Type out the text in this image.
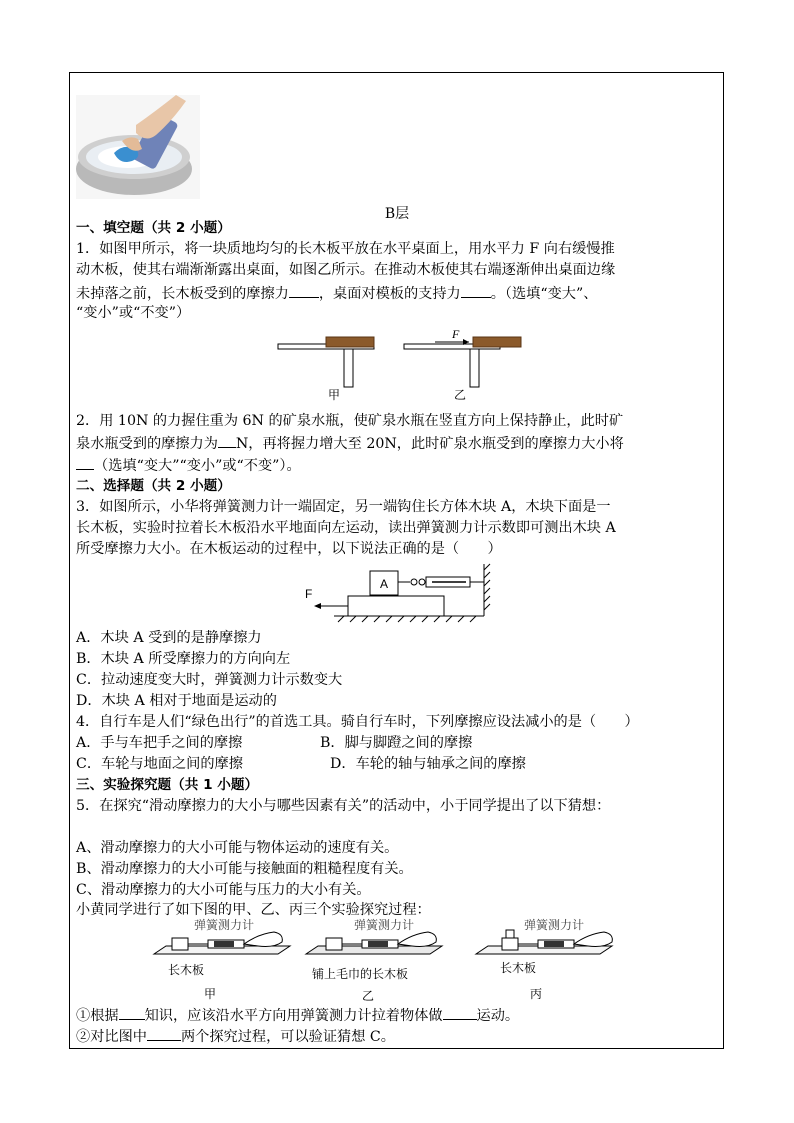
B层
一、填空题（共 2 小题）
1．如图甲所示，将一块质地均匀的长木板平放在水平桌面上，用水平力 F 向右缓慢推
动木板，使其右端渐渐露出桌面，如图乙所示。在推动木板使其右端逐渐伸出桌面边缘
未掉落之前，长木板受到的摩擦力 ，桌面对模板的支持力 。（选填“变大”、
“变小”或“不变”）
F
甲	乙
2．用 10N 的力握住重为 6N 的矿泉水瓶，使矿泉水瓶在竖直方向上保持静止，此时矿
泉水瓶受到的摩擦力为 N，再将握力增大至 20N，此时矿泉水瓶受到的摩擦力大小将
（选填“变大”“变小”或“不变”）。
二、选择题（共 2 小题）
3．如图所示，小华将弹簧测力计一端固定，另一端钩住长方体木块 A，木块下面是一
长木板，实验时拉着长木板沿水平地面向左运动，读出弹簧测力计示数即可测出木块 A
所受摩擦力大小。在木板运动的过程中，以下说法正确的是（　　）
A
F
A．木块 A 受到的是静摩擦力
B．木块 A 所受摩擦力的方向向左
C．拉动速度变大时，弹簧测力计示数变大
D．木块 A 相对于地面是运动的
4．自行车是人们“绿色出行”的首选工具。骑自行车时，下列摩擦应设法减小的是（　　）
A．手与车把手之间的摩擦	B．脚与脚蹬之间的摩擦
C．车轮与地面之间的摩擦	D．车轮的轴与轴承之间的摩擦
三、实验探究题（共 1 小题）
5．在探究“滑动摩擦力的大小与哪些因素有关”的活动中，小于同学提出了以下猜想：
A、滑动摩擦力的大小可能与物体运动的速度有关。
B、滑动摩擦力的大小可能与接触面的粗糙程度有关。
C、滑动摩擦力的大小可能与压力的大小有关。
小黄同学进行了如下图的甲、乙、丙三个实验探究过程：
弹簧测力计
长木板
甲
弹簧测力计
铺上毛巾的长木板
乙
弹簧测力计
长木板
丙
①根据 知识，应该沿水平方向用弹簧测力计拉着物体做 运动。
②对比图中 两个探究过程，可以验证猜想 C。
